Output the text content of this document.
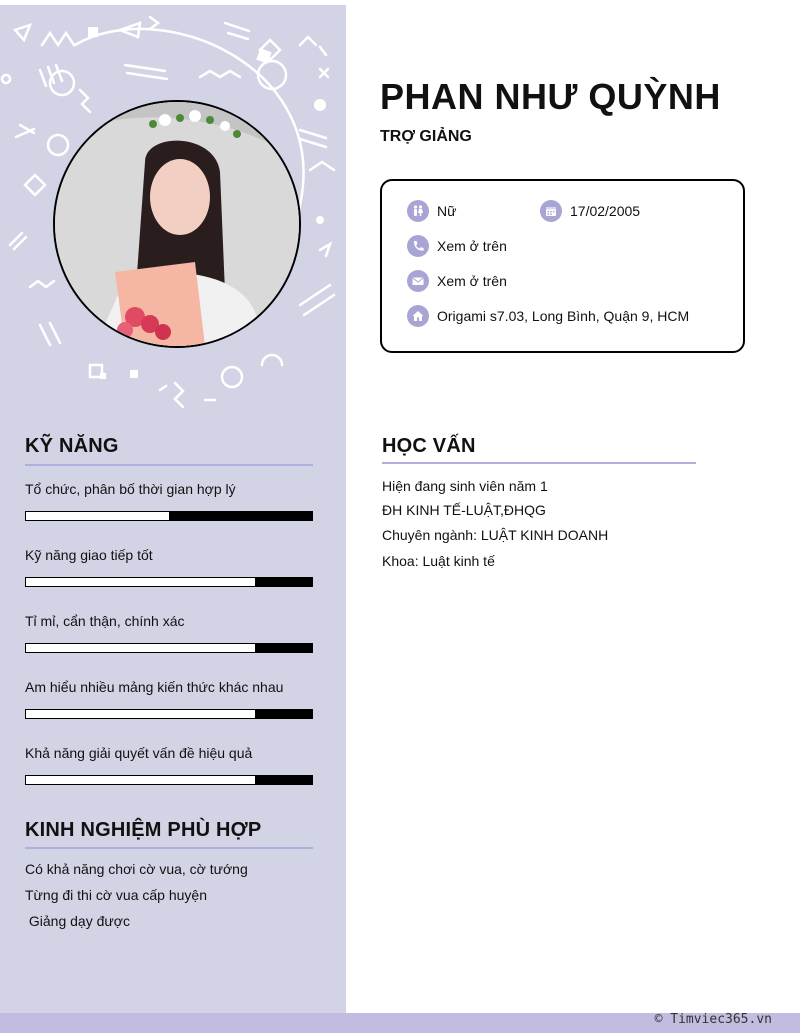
KỸ NĂNG

Tổ chức, phân bố thời gian hợp lý

Kỹ năng giao tiếp tốt

Tỉ mỉ, cẩn thận, chính xác

Am hiểu nhiều mảng kiến thức khác nhau

Khả năng giải quyết vấn đề hiệu quả

KINH NGHIỆM PHÙ HỢP

Có khả năng chơi cờ vua, cờ tướng

Từng đi thi cờ vua cấp huyện

Giảng dạy được

PHAN NHƯ QUỲNH

TRỢ GIẢNG

Nữ	17/02/2005
Xem ở trên
Xem ở trên
Origami s7.03, Long Bình, Quận 9, HCM
HỌC VẤN

Hiện đang sinh viên năm 1

ĐH KINH TẾ-LUẬT,ĐHQG

Chuyên ngành: LUẬT KINH DOANH

Khoa: Luật kinh tế

© Timviec365.vn
